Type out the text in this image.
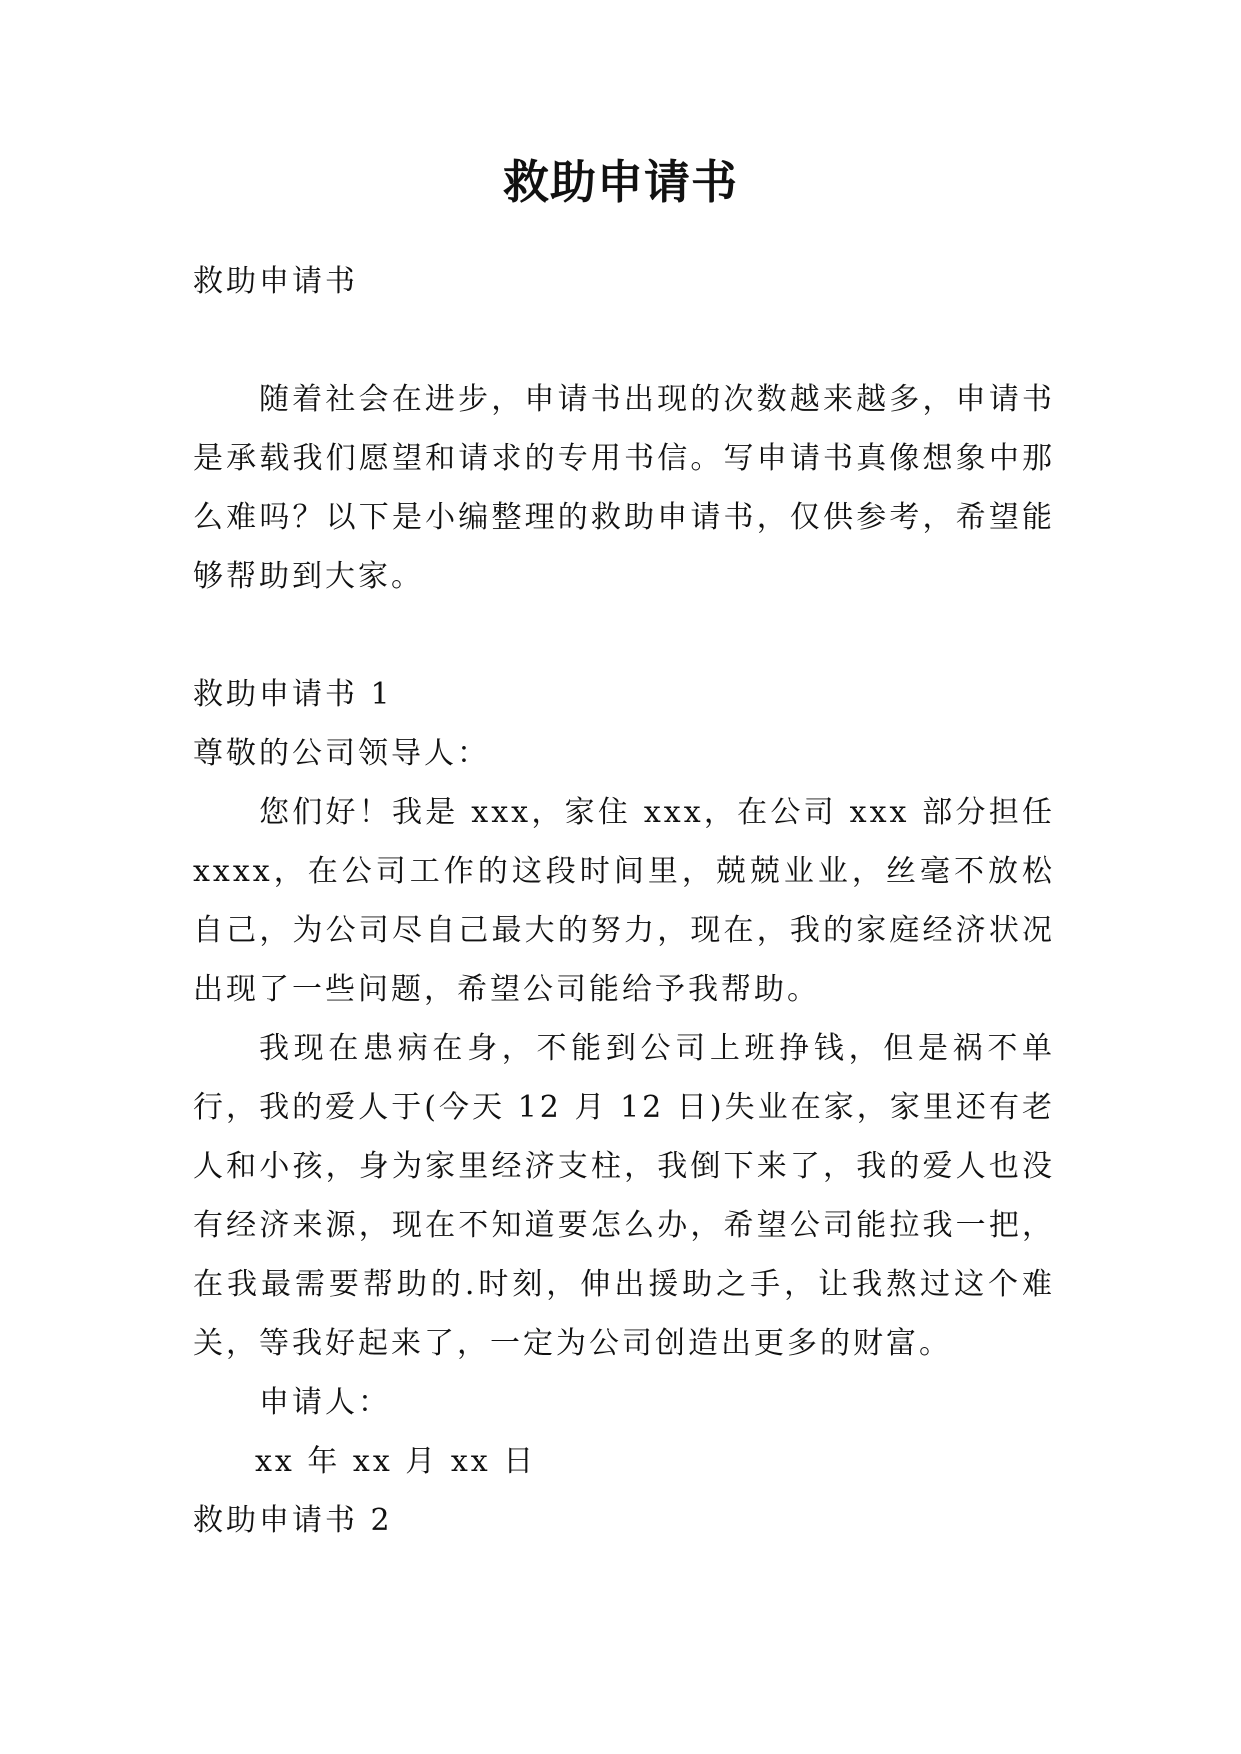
救助申请书

救助申请书

随着社会在进步，申请书出现的次数越来越多，申请书是承载我们愿望和请求的专用书信。写申请书真像想象中那么难吗？以下是小编整理的救助申请书，仅供参考，希望能够帮助到大家。

救助申请书 1

尊敬的公司领导人：

您们好！我是 xxx，家住 xxx，在公司 xxx 部分担任 xxxx，在公司工作的这段时间里，兢兢业业，丝毫不放松自己，为公司尽自己最大的努力，现在，我的家庭经济状况出现了一些问题，希望公司能给予我帮助。

我现在患病在身，不能到公司上班挣钱，但是祸不单行，我的爱人于(今天 12 月 12 日)失业在家，家里还有老人和小孩，身为家里经济支柱，我倒下来了，我的爱人也没有经济来源，现在不知道要怎么办，希望公司能拉我一把，在我最需要帮助的.时刻，伸出援助之手，让我熬过这个难关，等我好起来了，一定为公司创造出更多的财富。

申请人：

xx 年 xx 月 xx 日

救助申请书 2
